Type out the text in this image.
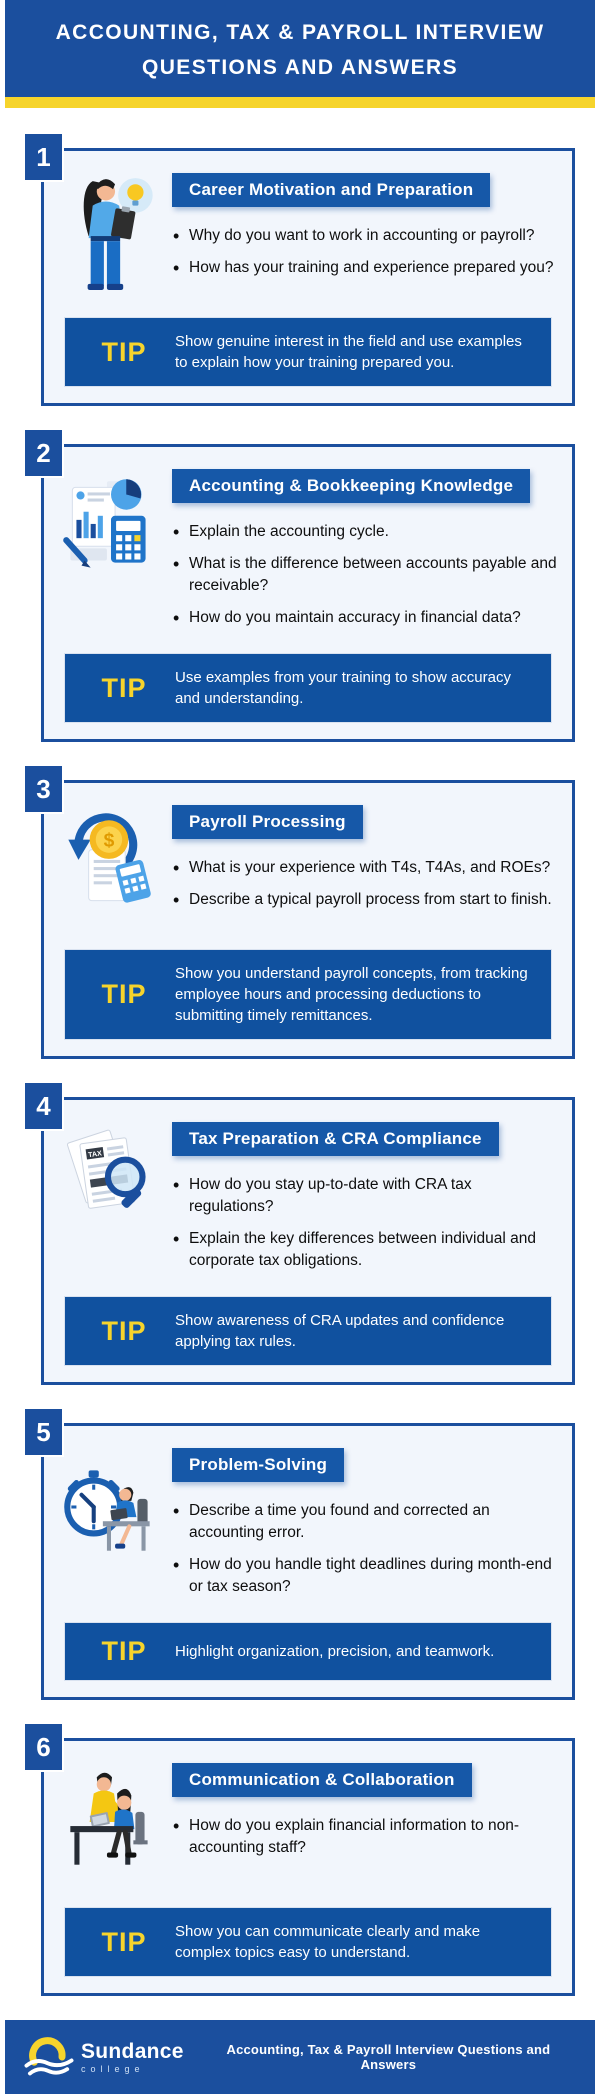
ACCOUNTING, TAX & PAYROLL INTERVIEW QUESTIONS AND ANSWERS
1
Career Motivation and Preparation
• Why do you want to work in accounting or payroll?
• How has your training and experience prepared you?
TIP	Show genuine interest in the field and use examples to explain how your training prepared you.
2
Accounting & Bookkeeping Knowledge
• Explain the accounting cycle.
• What is the difference between accounts payable and receivable?
• How do you maintain accuracy in financial data?
TIP	Use examples from your training to show accuracy and understanding.
3
$
Payroll Processing
• What is your experience with T4s, T4As, and ROEs?
• Describe a typical payroll process from start to finish.
TIP
Show you understand payroll concepts, from tracking employee hours and processing deductions to submitting timely remittances.
4
TAX
Tax Preparation & CRA Compliance
• How do you stay up-to-date with CRA tax regulations?
• Explain the key differences between individual and corporate tax obligations.
TIP	Show awareness of CRA updates and confidence applying tax rules.
5
Problem-Solving
• Describe a time you found and corrected an accounting error.
• How do you handle tight deadlines during month-end or tax season?
TIP	Highlight organization, precision, and teamwork.
6
Communication & Collaboration
• How do you explain financial information to non-accounting staff?
TIP	Show you can communicate clearly and make complex topics easy to understand.
Sundance
college
Accounting, Tax & Payroll Interview Questions and Answers
